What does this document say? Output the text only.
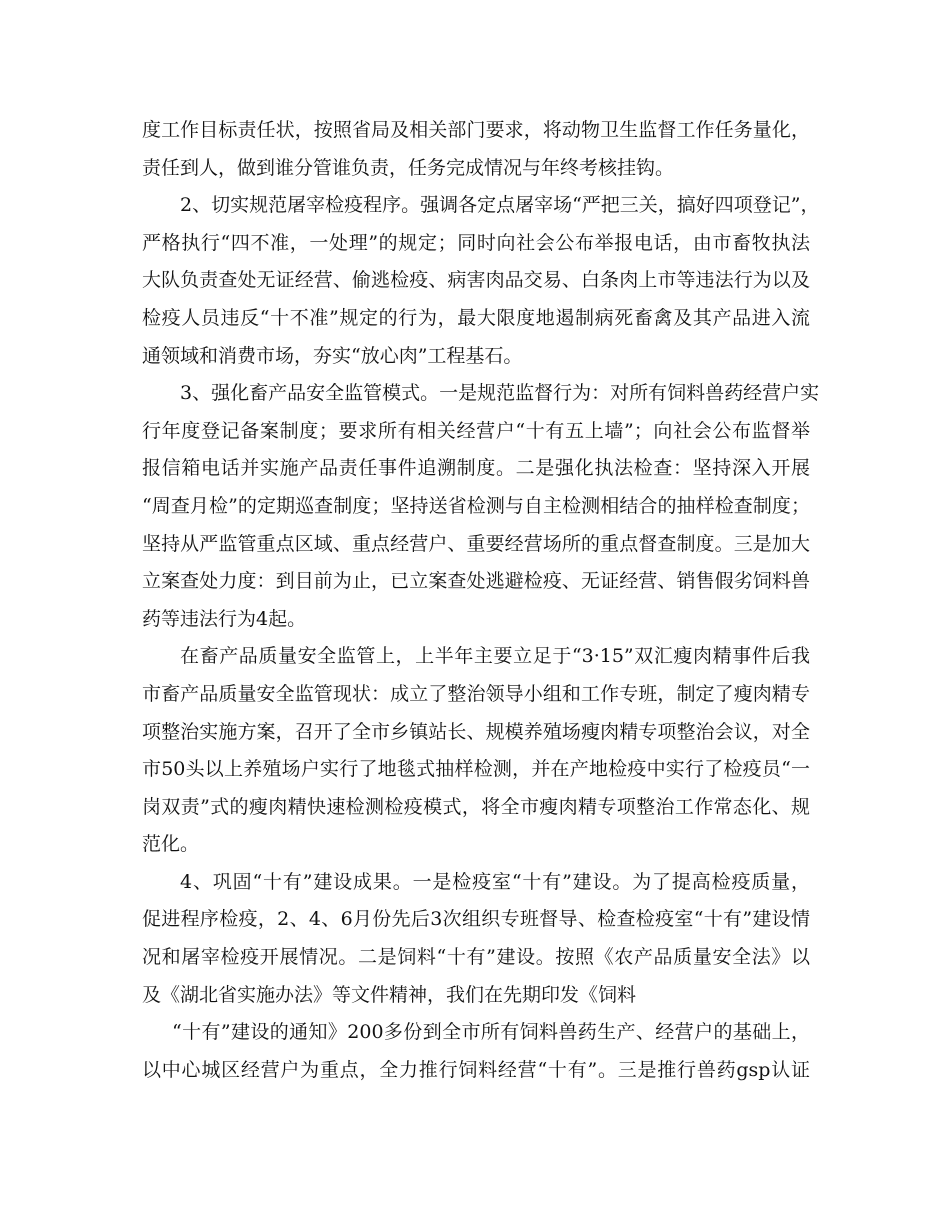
度工作目标责任状，按照省局及相关部门要求，将动物卫生监督工作任务量化，
责任到人，做到谁分管谁负责，任务完成情况与年终考核挂钩。
2、切实规范屠宰检疫程序。强调各定点屠宰场“严把三关，搞好四项登记”，
严格执行“四不准，一处理”的规定；同时向社会公布举报电话，由市畜牧执法
大队负责查处无证经营、偷逃检疫、病害肉品交易、白条肉上市等违法行为以及
检疫人员违反“十不准”规定的行为，最大限度地遏制病死畜禽及其产品进入流
通领域和消费市场，夯实“放心肉”工程基石。
3、强化畜产品安全监管模式。一是规范监督行为：对所有饲料兽药经营户实
行年度登记备案制度；要求所有相关经营户“十有五上墙”；向社会公布监督举
报信箱电话并实施产品责任事件追溯制度。二是强化执法检查：坚持深入开展
“周查月检”的定期巡查制度；坚持送省检测与自主检测相结合的抽样检查制度；
坚持从严监管重点区域、重点经营户、重要经营场所的重点督查制度。三是加大
立案查处力度：到目前为止，已立案查处逃避检疫、无证经营、销售假劣饲料兽
药等违法行为4起。
在畜产品质量安全监管上，上半年主要立足于“3·15”双汇瘦肉精事件后我
市畜产品质量安全监管现状：成立了整治领导小组和工作专班，制定了瘦肉精专
项整治实施方案，召开了全市乡镇站长、规模养殖场瘦肉精专项整治会议，对全
市50头以上养殖场户实行了地毯式抽样检测，并在产地检疫中实行了检疫员“一
岗双责”式的瘦肉精快速检测检疫模式，将全市瘦肉精专项整治工作常态化、规
范化。
4、巩固“十有”建设成果。一是检疫室“十有”建设。为了提高检疫质量，
促进程序检疫，2、4、6月份先后3次组织专班督导、检查检疫室“十有”建设情
况和屠宰检疫开展情况。二是饲料“十有”建设。按照《农产品质量安全法》以
及《湖北省实施办法》等文件精神，我们在先期印发《饲料
“十有”建设的通知》200多份到全市所有饲料兽药生产、经营户的基础上，
以中心城区经营户为重点，全力推行饲料经营“十有”。三是推行兽药gsp认证
